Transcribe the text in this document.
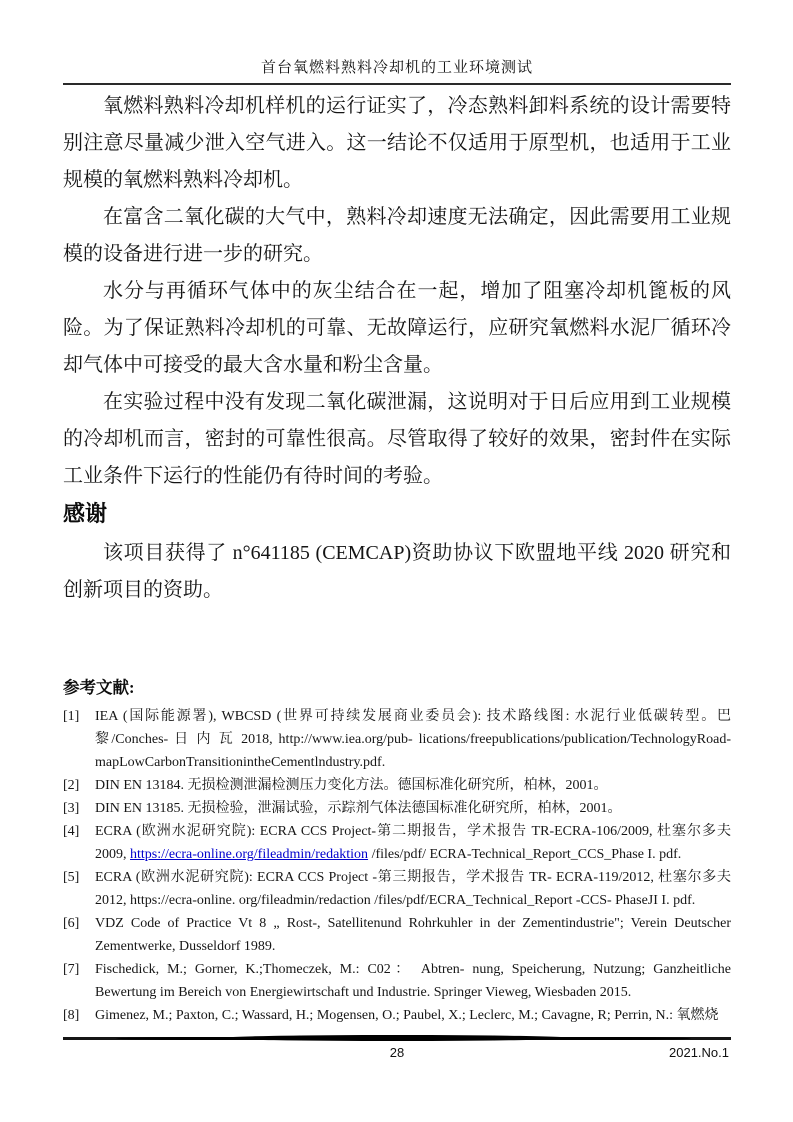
首台氧燃料熟料冷却机的工业环境测试

氧燃料熟料冷却机样机的运行证实了，冷态熟料卸料系统的设计需要特别注意尽量减少泄入空气进入。这一结论不仅适用于原型机，也适用于工业规模的氧燃料熟料冷却机。

在富含二氧化碳的大气中，熟料冷却速度无法确定，因此需要用工业规模的设备进行进一步的研究。

水分与再循环气体中的灰尘结合在一起，增加了阻塞冷却机篦板的风险。为了保证熟料冷却机的可靠、无故障运行，应研究氧燃料水泥厂循环冷却气体中可接受的最大含水量和粉尘含量。

在实验过程中没有发现二氧化碳泄漏，这说明对于日后应用到工业规模的冷却机而言，密封的可靠性很高。尽管取得了较好的效果，密封件在实际工业条件下运行的性能仍有待时间的考验。

感谢

该项目获得了 n°641185 (CEMCAP)资助协议下欧盟地平线 2020 研究和创新项目的资助。

参考文献:
[1] IEA (国际能源署), WBCSD (世界可持续发展商业委员会): 技术路线图: 水泥行业低碳转型。巴黎/Conches- 日 内 瓦 2018, http://www.iea.org/pub- lications/freepublications/publication/TechnologyRoad- mapLowCarbonTransitionintheCementlndustry.pdf.
[2] DIN EN 13184. 无损检测泄漏检测压力变化方法。德国标准化研究所，柏林，2001。
[3] DIN EN 13185. 无损检验，泄漏试验，示踪剂气体法德国标准化研究所，柏林，2001。
[4] ECRA (欧洲水泥研究院): ECRA CCS Project-第二期报告，学术报告 TR-ECRA-106/2009, 杜塞尔多夫 2009, https://ecra-online.org/fileadmin/redaktion /files/pdf/ ECRA-Technical_Report_CCS_Phase I. pdf.
[5] ECRA (欧洲水泥研究院): ECRA CCS Project -第三期报告，学术报告 TR- ECRA-119/2012, 杜塞尔多夫 2012, https://ecra-online. org/fileadmin/redaction /files/pdf/ECRA_Technical_Report -CCS- PhaseJI I. pdf.
[6] VDZ Code of Practice Vt 8 „ Rost-, Satellitenund Rohrkuhler in der Zementindustrie"; Verein Deutscher Zementwerke, Dusseldorf 1989.
[7] Fischedick, M.; Gorner, K.;Thomeczek, M.: C02： Abtren- nung, Speicherung, Nutzung; Ganzheitliche Bewertung im Bereich von Energiewirtschaft und Industrie. Springer Vieweg, Wiesbaden 2015.
[8] Gimenez, M.; Paxton, C.; Wassard, H.; Mogensen, O.; Paubel, X.; Leclerc, M.; Cavagne, R; Perrin, N.: 氧燃烧
28	2021.No.1
